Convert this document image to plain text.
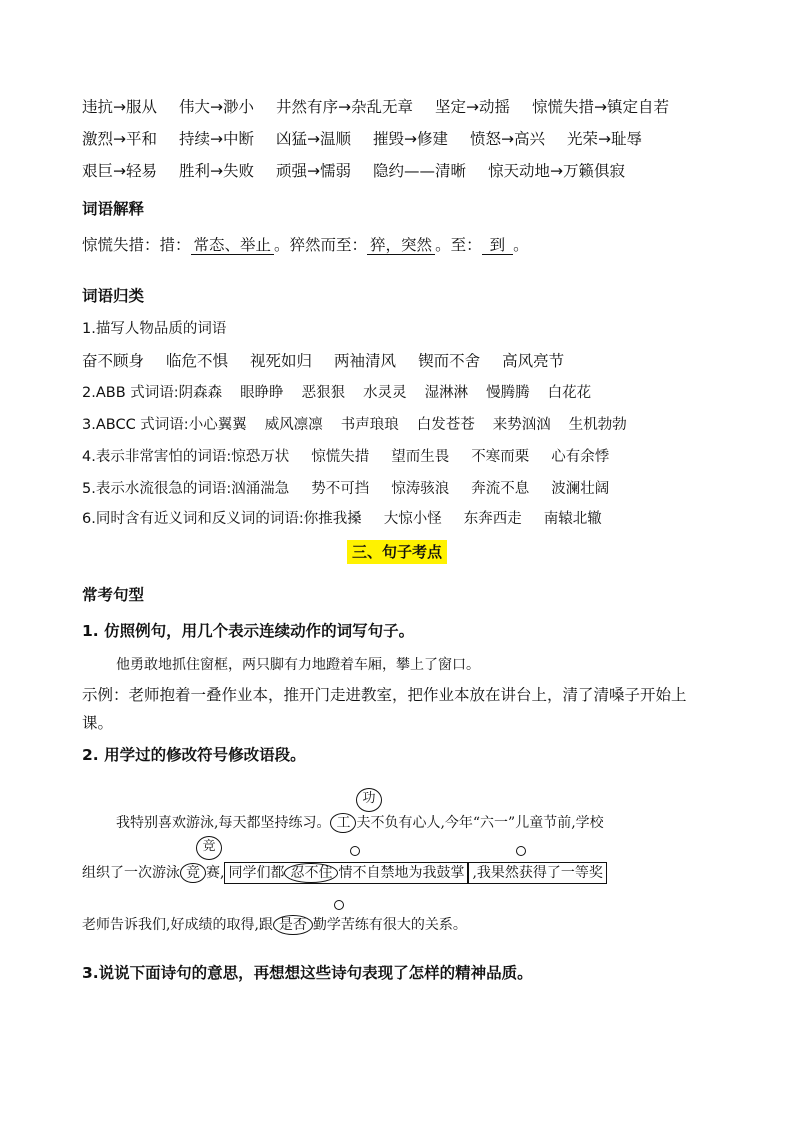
违抗→服从 伟大→渺小 井然有序→杂乱无章 坚定→动摇 惊慌失措→镇定自若
激烈→平和 持续→中断 凶猛→温顺 摧毁→修建 愤怒→高兴 光荣→耻辱
艰巨→轻易 胜利→失败 顽强→懦弱 隐约——清晰 惊天动地→万籁俱寂
词语解释
惊慌失措：措： 常态、举止 。猝然而至： 猝，突然 。至： 到 。
词语归类
1.描写人物品质的词语
奋不顾身 临危不惧 视死如归 两袖清风 锲而不舍 高风亮节
2.ABB 式词语:阴森森 眼睁睁 恶狠狠 水灵灵 湿淋淋 慢腾腾 白花花
3.ABCC 式词语:小心翼翼 威风凛凛 书声琅琅 白发苍苍 来势汹汹 生机勃勃
4.表示非常害怕的词语:惊恐万状 惊慌失措 望而生畏 不寒而栗 心有余悸
5.表示水流很急的词语:汹涌湍急 势不可挡 惊涛骇浪 奔流不息 波澜壮阔
6.同时含有近义词和反义词的词语:你推我搡 大惊小怪 东奔西走 南辕北辙
三、句子考点
常考句型
1. 仿照例句，用几个表示连续动作的词写句子。
他勇敢地抓住窗框，两只脚有力地蹬着车厢，攀上了窗口。
示例：老师抱着一叠作业本，推开门走进教室，把作业本放在讲台上，清了清嗓子开始上
课。
2. 用学过的修改符号修改语段。
功
我特别喜欢游泳,每天都坚持练习。 工 夫不负有心人,今年“六一”儿童节前,学校
竞
组织了一次游泳 竞 赛, 同学们都 忍不住 情不自禁地为我鼓掌 ,我果然获得了一等奖
老师告诉我们,好成绩的取得,跟 是否 勤学苦练有很大的关系。
3.说说下面诗句的意思，再想想这些诗句表现了怎样的精神品质。
